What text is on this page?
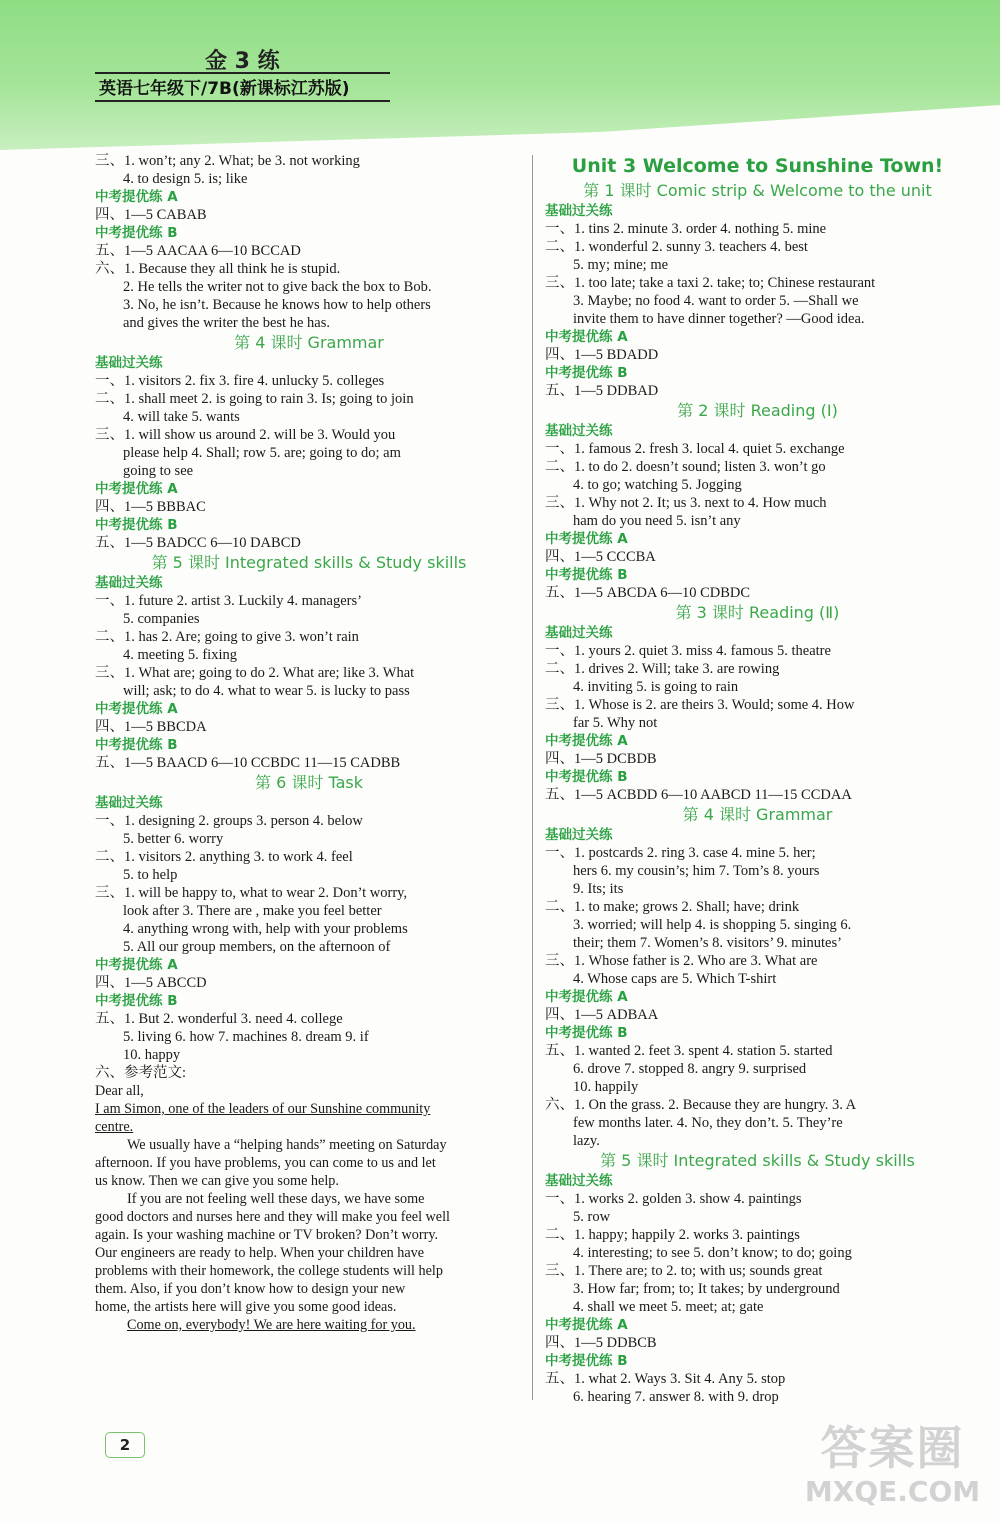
金 3 练
英语七年级下/7B(新课标江苏版)
三、1. won’t; any 2. What; be 3. not working
4. to design 5. is; like
中考提优练 A
四、1—5 CABAB
中考提优练 B
五、1—5 AACAA 6—10 BCCAD
六、1. Because they all think he is stupid.
2. He tells the writer not to give back the box to Bob.
3. No, he isn’t. Because he knows how to help others
and gives the writer the best he has.
第 4 课时 Grammar
基础过关练
一、1. visitors 2. fix 3. fire 4. unlucky 5. colleges
二、1. shall meet 2. is going to rain 3. Is; going to join
4. will take 5. wants
三、1. will show us around 2. will be 3. Would you
please help 4. Shall; row 5. are; going to do; am
going to see
中考提优练 A
四、1—5 BBBAC
中考提优练 B
五、1—5 BADCC 6—10 DABCD
第 5 课时 Integrated skills & Study skills
基础过关练
一、1. future 2. artist 3. Luckily 4. managers’
5. companies
二、1. has 2. Are; going to give 3. won’t rain
4. meeting 5. fixing
三、1. What are; going to do 2. What are; like 3. What
will; ask; to do 4. what to wear 5. is lucky to pass
中考提优练 A
四、1—5 BBCDA
中考提优练 B
五、1—5 BAACD 6—10 CCBDC 11—15 CADBB
第 6 课时 Task
基础过关练
一、1. designing 2. groups 3. person 4. below
5. better 6. worry
二、1. visitors 2. anything 3. to work 4. feel
5. to help
三、1. will be happy to, what to wear 2. Don’t worry,
look after 3. There are , make you feel better
4. anything wrong with, help with your problems
5. All our group members, on the afternoon of
中考提优练 A
四、1—5 ABCCD
中考提优练 B
五、1. But 2. wonderful 3. need 4. college
5. living 6. how 7. machines 8. dream 9. if
10. happy
六、参考范文:
Dear all,
I am Simon, one of the leaders of our Sunshine community
centre.
We usually have a “helping hands” meeting on Saturday
afternoon. If you have problems, you can come to us and let
us know. Then we can give you some help.
If you are not feeling well these days, we have some
good doctors and nurses here and they will make you feel well
again. Is your washing machine or TV broken? Don’t worry.
Our engineers are ready to help. When your children have
problems with their homework, the college students will help
them. Also, if you don’t know how to design your new
home, the artists here will give you some good ideas.
Come on, everybody! We are here waiting for you.
Unit 3 Welcome to Sunshine Town!
第 1 课时 Comic strip & Welcome to the unit
基础过关练
一、1. tins 2. minute 3. order 4. nothing 5. mine
二、1. wonderful 2. sunny 3. teachers 4. best
5. my; mine; me
三、1. too late; take a taxi 2. take; to; Chinese restaurant
3. Maybe; no food 4. want to order 5. —Shall we
invite them to have dinner together? —Good idea.
中考提优练 A
四、1—5 BDADD
中考提优练 B
五、1—5 DDBAD
第 2 课时 Reading (Ⅰ)
基础过关练
一、1. famous 2. fresh 3. local 4. quiet 5. exchange
二、1. to do 2. doesn’t sound; listen 3. won’t go
4. to go; watching 5. Jogging
三、1. Why not 2. It; us 3. next to 4. How much
ham do you need 5. isn’t any
中考提优练 A
四、1—5 CCCBA
中考提优练 B
五、1—5 ABCDA 6—10 CDBDC
第 3 课时 Reading (Ⅱ)
基础过关练
一、1. yours 2. quiet 3. miss 4. famous 5. theatre
二、1. drives 2. Will; take 3. are rowing
4. inviting 5. is going to rain
三、1. Whose is 2. are theirs 3. Would; some 4. How
far 5. Why not
中考提优练 A
四、1—5 DCBDB
中考提优练 B
五、1—5 ACBDD 6—10 AABCD 11—15 CCDAA
第 4 课时 Grammar
基础过关练
一、1. postcards 2. ring 3. case 4. mine 5. her;
hers 6. my cousin’s; him 7. Tom’s 8. yours
9. Its; its
二、1. to make; grows 2. Shall; have; drink
3. worried; will help 4. is shopping 5. singing 6.
their; them 7. Women’s 8. visitors’ 9. minutes’
三、1. Whose father is 2. Who are 3. What are
4. Whose caps are 5. Which T-shirt
中考提优练 A
四、1—5 ADBAA
中考提优练 B
五、1. wanted 2. feet 3. spent 4. station 5. started
6. drove 7. stopped 8. angry 9. surprised
10. happily
六、1. On the grass. 2. Because they are hungry. 3. A
few months later. 4. No, they don’t. 5. They’re
lazy.
第 5 课时 Integrated skills & Study skills
基础过关练
一、1. works 2. golden 3. show 4. paintings
5. row
二、1. happy; happily 2. works 3. paintings
4. interesting; to see 5. don’t know; to do; going
三、1. There are; to 2. to; with us; sounds great
3. How far; from; to; It takes; by underground
4. shall we meet 5. meet; at; gate
中考提优练 A
四、1—5 DDBCB
中考提优练 B
五、1. what 2. Ways 3. Sit 4. Any 5. stop
6. hearing 7. answer 8. with 9. drop
2	答案圈
MXQE.COM
